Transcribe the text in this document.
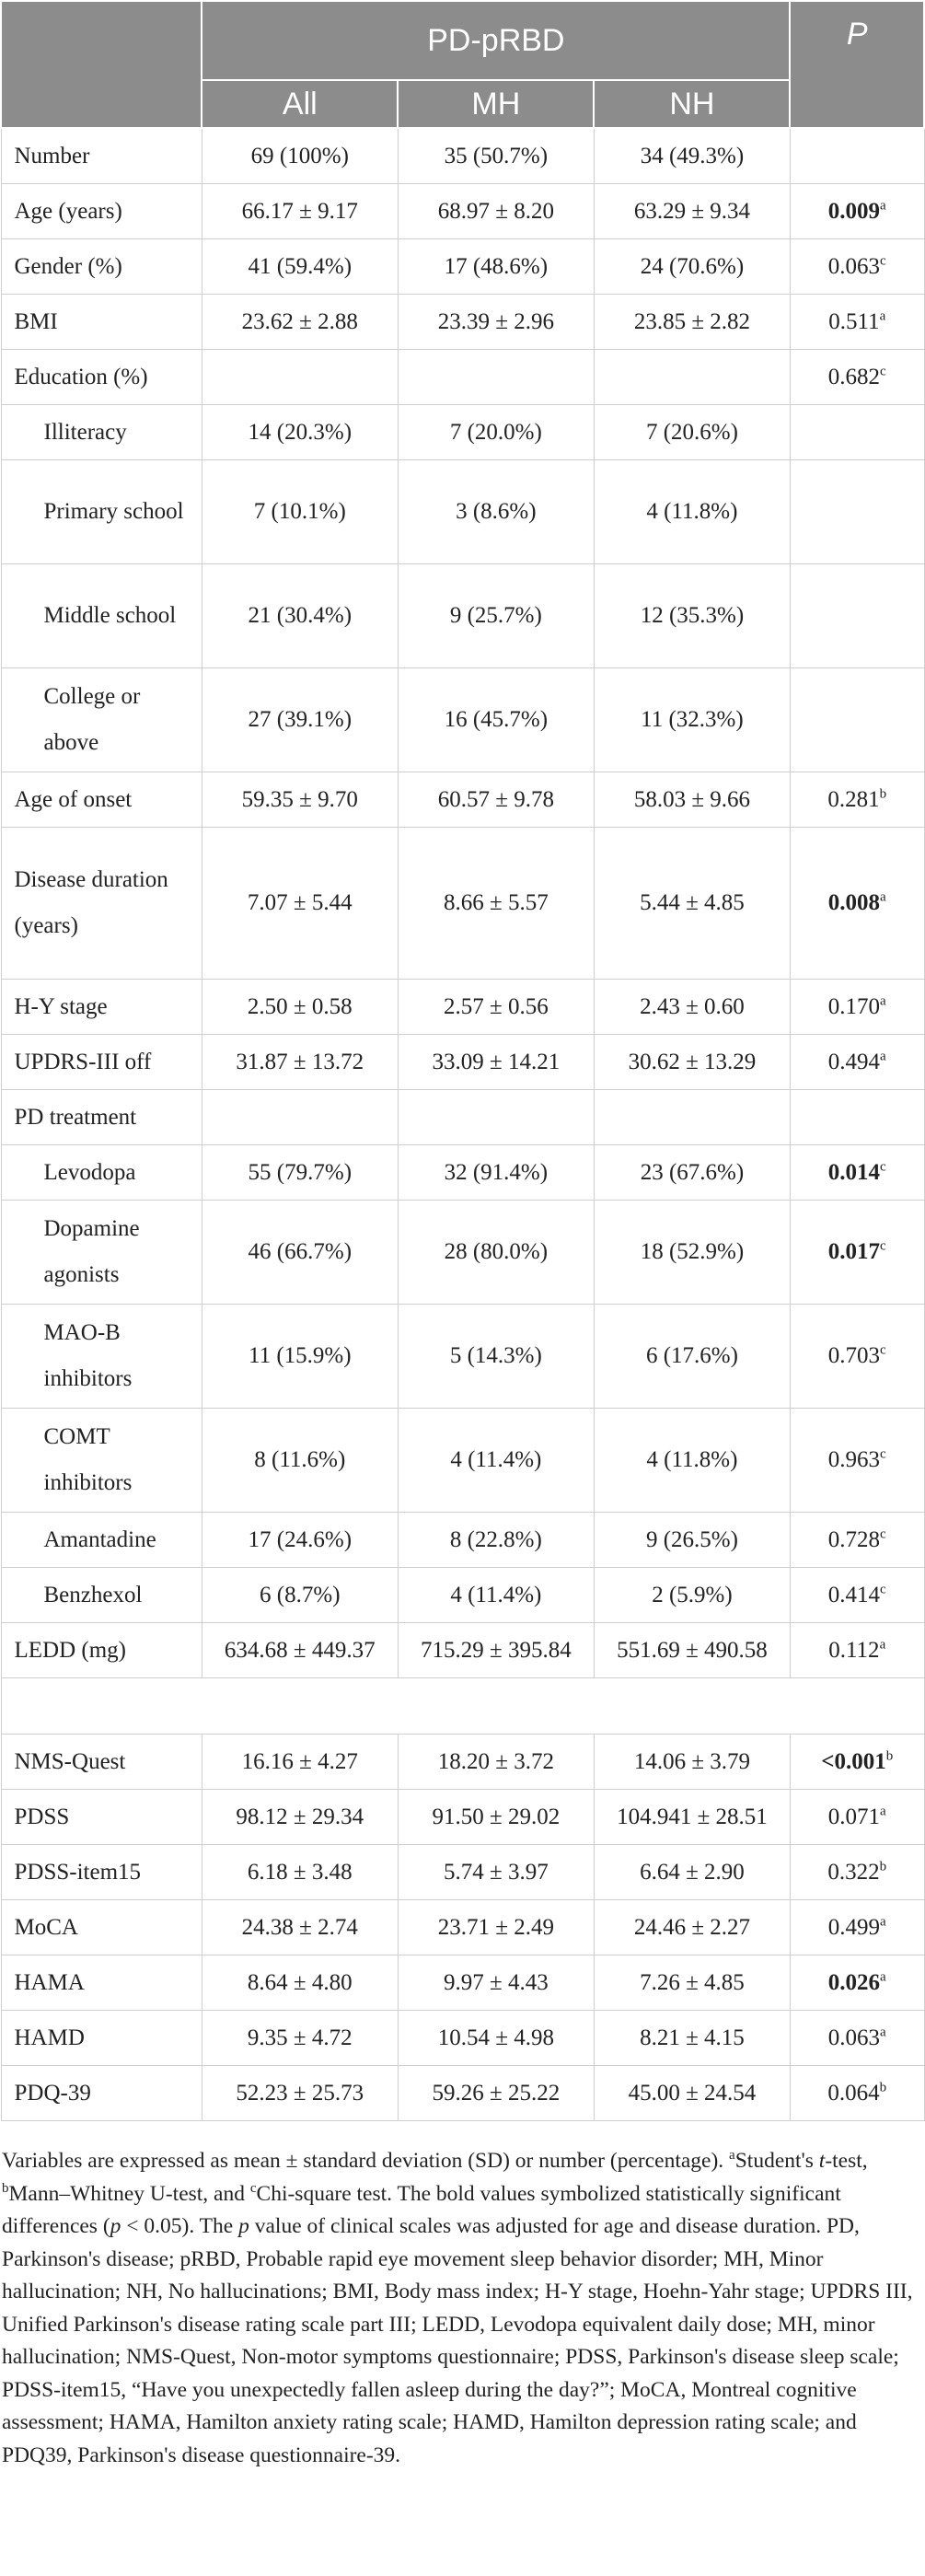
	PD-pRBD			P
	All	MH	NH	
Number	69 (100%)	35 (50.7%)	34 (49.3%)	
Age (years)	66.17 ± 9.17	68.97 ± 8.20	63.29 ± 9.34	0.009$^a$
Gender (%)	41 (59.4%)	17 (48.6%)	24 (70.6%)	0.063$^c$
BMI	23.62 ± 2.88	23.39 ± 2.96	23.85 ± 2.82	0.511$^a$
Education (%)				0.682$^c$
Illiteracy	14 (20.3%)	7 (20.0%)	7 (20.6%)	
Primary school	7 (10.1%)	3 (8.6%)	4 (11.8%)	
Middle school	21 (30.4%)	9 (25.7%)	12 (35.3%)	
College or above	27 (39.1%)	16 (45.7%)	11 (32.3%)	
Age of onset	59.35 ± 9.70	60.57 ± 9.78	58.03 ± 9.66	0.281$^b$
Disease duration (years)	7.07 ± 5.44	8.66 ± 5.57	5.44 ± 4.85	0.008$^a$
H-Y stage	2.50 ± 0.58	2.57 ± 0.56	2.43 ± 0.60	0.170$^a$
UPDRS-III off	31.87 ± 13.72	33.09 ± 14.21	30.62 ± 13.29	0.494$^a$
PD treatment				
Levodopa	55 (79.7%)	32 (91.4%)	23 (67.6%)	0.014$^c$
Dopamine agonists	46 (66.7%)	28 (80.0%)	18 (52.9%)	0.017$^c$
MAO-B inhibitors	11 (15.9%)	5 (14.3%)	6 (17.6%)	0.703$^c$
COMT inhibitors	8 (11.6%)	4 (11.4%)	4 (11.8%)	0.963$^c$
Amantadine	17 (24.6%)	8 (22.8%)	9 (26.5%)	0.728$^c$
Benzhexol	6 (8.7%)	4 (11.4%)	2 (5.9%)	0.414$^c$
LEDD (mg)	634.68 ± 449.37	715.29 ± 395.84	551.69 ± 490.58	0.112$^a$

NMS-Quest	16.16 ± 4.27	18.20 ± 3.72	14.06 ± 3.79	<0.001$^b$
PDSS	98.12 ± 29.34	91.50 ± 29.02	104.941 ± 28.51	0.071$^a$
PDSS-item15	6.18 ± 3.48	5.74 ± 3.97	6.64 ± 2.90	0.322$^b$
MoCA	24.38 ± 2.74	23.71 ± 2.49	24.46 ± 2.27	0.499$^a$
HAMA	8.64 ± 4.80	9.97 ± 4.43	7.26 ± 4.85	0.026$^a$
HAMD	9.35 ± 4.72	10.54 ± 4.98	8.21 ± 4.15	0.063$^a$
PDQ-39	52.23 ± 25.73	59.26 ± 25.22	45.00 ± 24.54	0.064$^b$
Variables are expressed as mean ± standard deviation (SD) or number (percentage). $^a$Student's t-test, $^b$Mann–Whitney U-test, and $^c$Chi-square test. The bold values symbolized statistically significant differences (p < 0.05). The p value of clinical scales was adjusted for age and disease duration. PD, Parkinson's disease; pRBD, Probable rapid eye movement sleep behavior disorder; MH, Minor hallucination; NH, No hallucinations; BMI, Body mass index; H-Y stage, Hoehn-Yahr stage; UPDRS III, Unified Parkinson's disease rating scale part III; LEDD, Levodopa equivalent daily dose; MH, minor hallucination; NMS-Quest, Non-motor symptoms questionnaire; PDSS, Parkinson's disease sleep scale; PDSS-item15, “Have you unexpectedly fallen asleep during the day?”; MoCA, Montreal cognitive assessment; HAMA, Hamilton anxiety rating scale; HAMD, Hamilton depression rating scale; and PDQ39, Parkinson's disease questionnaire-39.
